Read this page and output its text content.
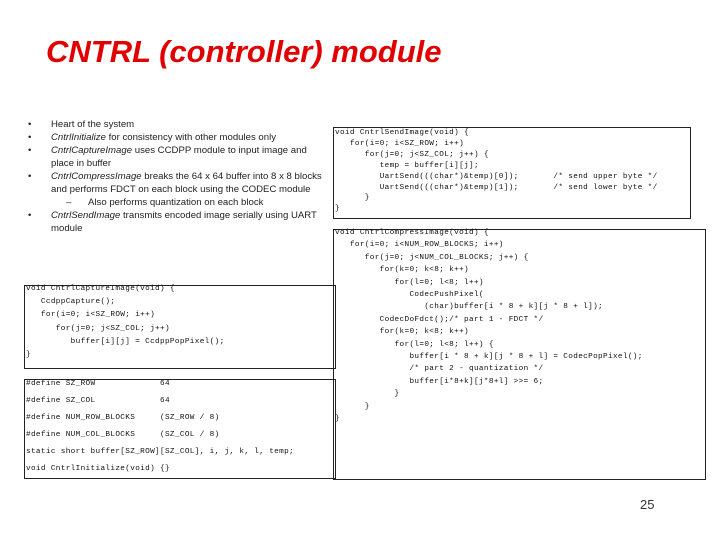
CNTRL (controller) module
• Heart of the system
• CntrlInitialize for consistency with other modules only
• CntrlCaptureImage uses CCDPP module to input image and place in buffer
• CntrlCompressImage breaks the 64 x 64 buffer into 8 x 8 blocks and performs FDCT on each block using the CODEC module
– Also performs quantization on each block
• CntrlSendImage transmits encoded image serially using UART module
void CntrlSendImage(void) {
for(i=0; i<SZ_ROW; i++)
for(j=0; j<SZ_COL; j++) {
temp = buffer[i][j];
UartSend(((char*)&temp)[0]);       /* send upper byte */
UartSend(((char*)&temp)[1]);       /* send lower byte */
}
}
void CntrlCompressImage(void) {

for(i=0; i<NUM_ROW_BLOCKS; i++)

for(j=0; j<NUM_COL_BLOCKS; j++) {

for(k=0; k<8; k++)

for(l=0; l<8; l++)

CodecPushPixel(

(char)buffer[i * 8 + k][j * 8 + l]);

CodecDoFdct();/* part 1 - FDCT */

for(k=0; k<8; k++)

for(l=0; l<8; l++) {

buffer[i * 8 + k][j * 8 + l] = CodecPopPixel();

/* part 2 - quantization */

buffer[i*8+k][j*8+l] >>= 6;

}

}

}
void CntrlCaptureImage(void) {

CcdppCapture();

for(i=0; i<SZ_ROW; i++)

for(j=0; j<SZ_COL; j++)

buffer[i][j] = CcdppPopPixel();

}
#define SZ_ROW             64

#define SZ_COL             64

#define NUM_ROW_BLOCKS     (SZ_ROW / 8)

#define NUM_COL_BLOCKS     (SZ_COL / 8)

static short buffer[SZ_ROW][SZ_COL], i, j, k, l, temp;

void CntrlInitialize(void) {}
25
